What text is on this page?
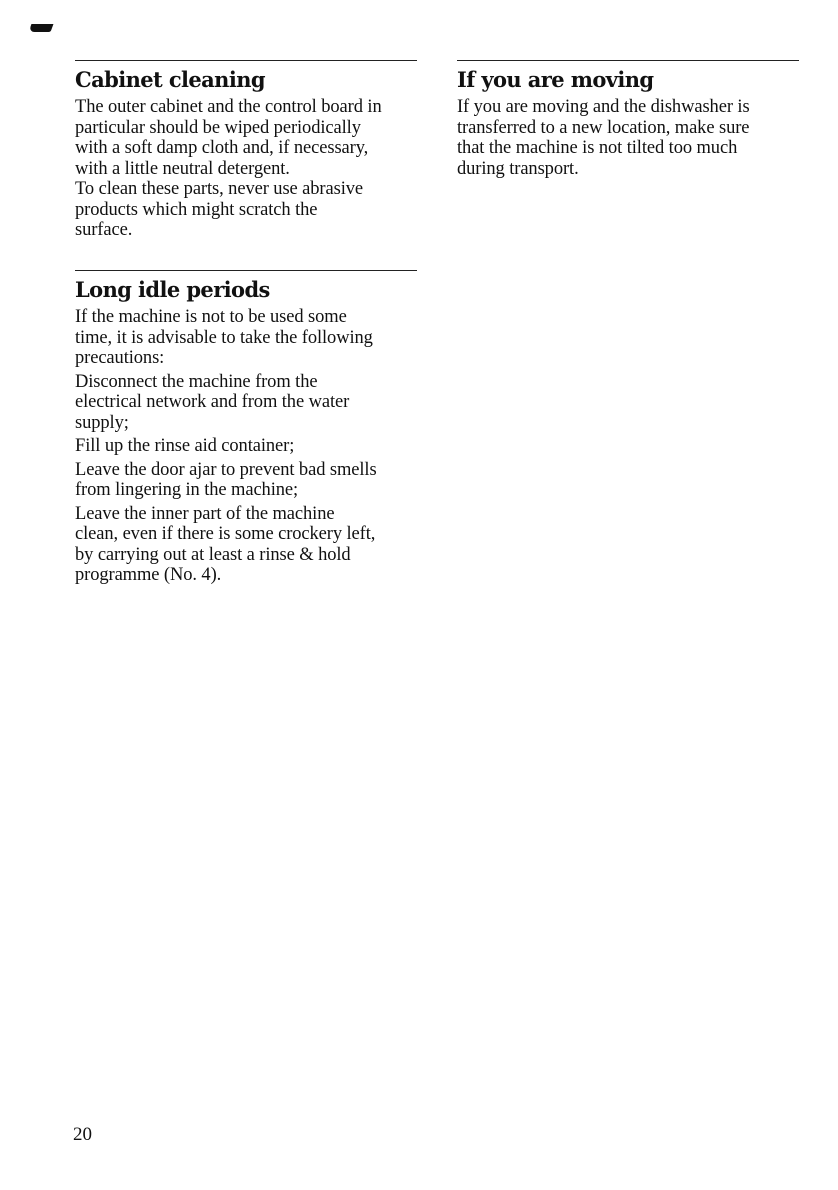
Cabinet cleaning

The outer cabinet and the control board in
particular should be wiped periodically
with a soft damp cloth and, if necessary,
with a little neutral detergent.

To clean these parts, never use abrasive
products which might scratch the
surface.

Long idle periods

If the machine is not to be used some
time, it is advisable to take the following
precautions:

Disconnect the machine from the
electrical network and from the water
supply;

Fill up the rinse aid container;

Leave the door ajar to prevent bad smells
from lingering in the machine;

Leave the inner part of the machine
clean, even if there is some crockery left,
by carrying out at least a rinse & hold
programme (No. 4).

If you are moving

If you are moving and the dishwasher is
transferred to a new location, make sure
that the machine is not tilted too much
during transport.

20
